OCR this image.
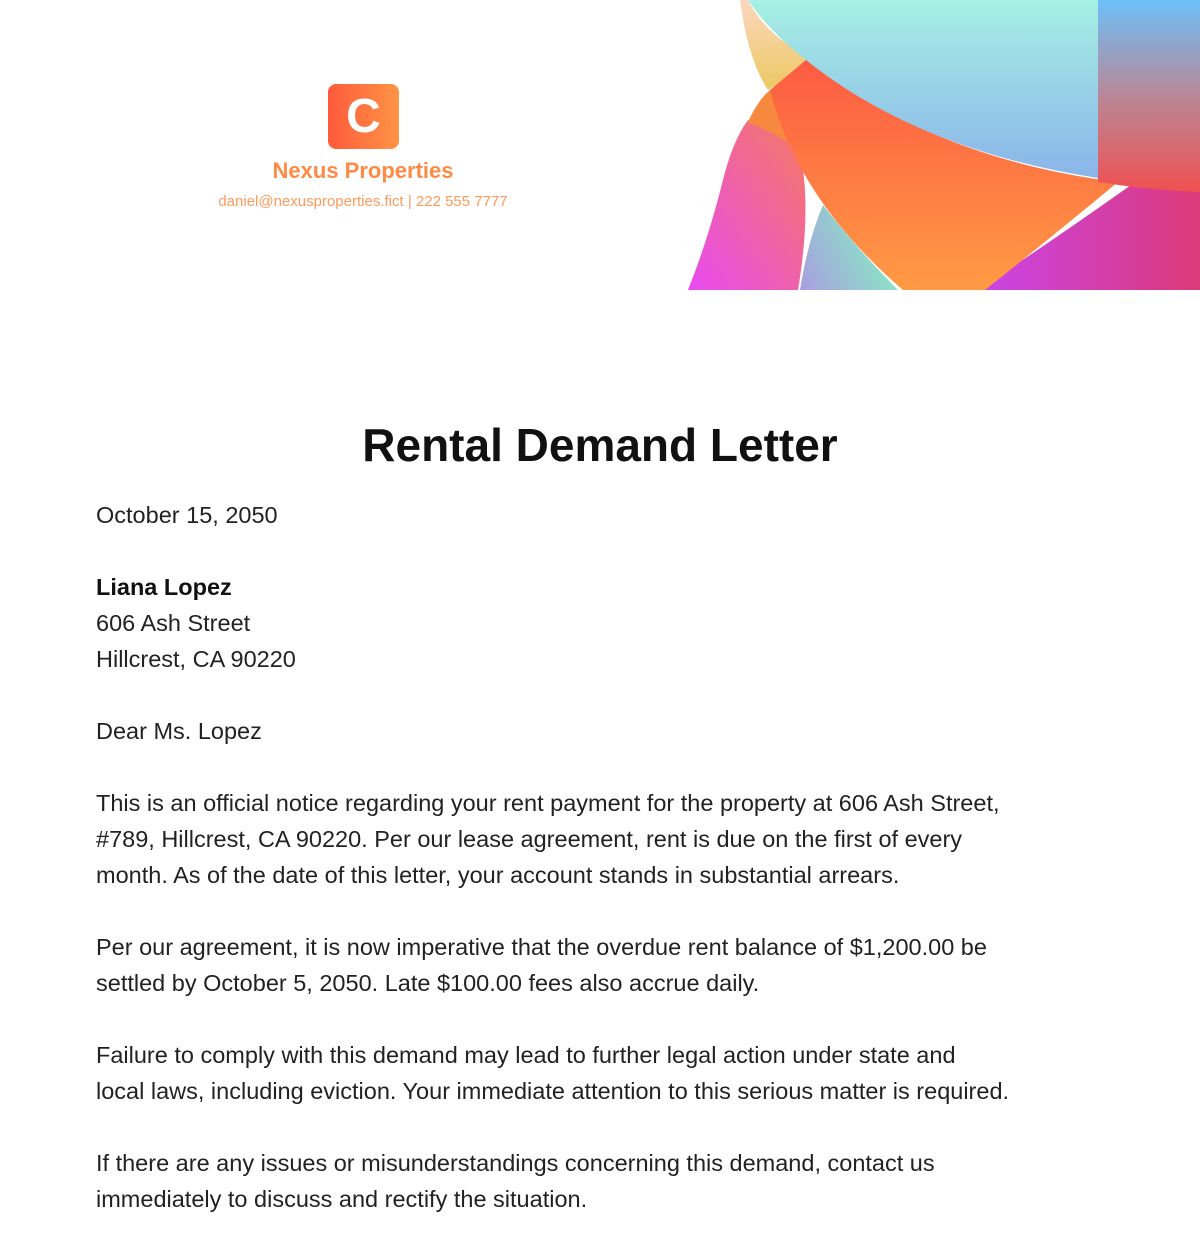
C
Nexus Properties
daniel@nexusproperties.fict | 222 555 7777
Rental Demand Letter

October 15, 2050

Liana Lopez
606 Ash Street
Hillcrest, CA 90220

Dear Ms. Lopez

This is an official notice regarding your rent payment for the property at 606 Ash Street,
#789, Hillcrest, CA 90220. Per our lease agreement, rent is due on the first of every
month. As of the date of this letter, your account stands in substantial arrears.

Per our agreement, it is now imperative that the overdue rent balance of $1,200.00 be
settled by October 5, 2050. Late $100.00 fees also accrue daily.

Failure to comply with this demand may lead to further legal action under state and
local laws, including eviction. Your immediate attention to this serious matter is required.

If there are any issues or misunderstandings concerning this demand, contact us
immediately to discuss and rectify the situation.
